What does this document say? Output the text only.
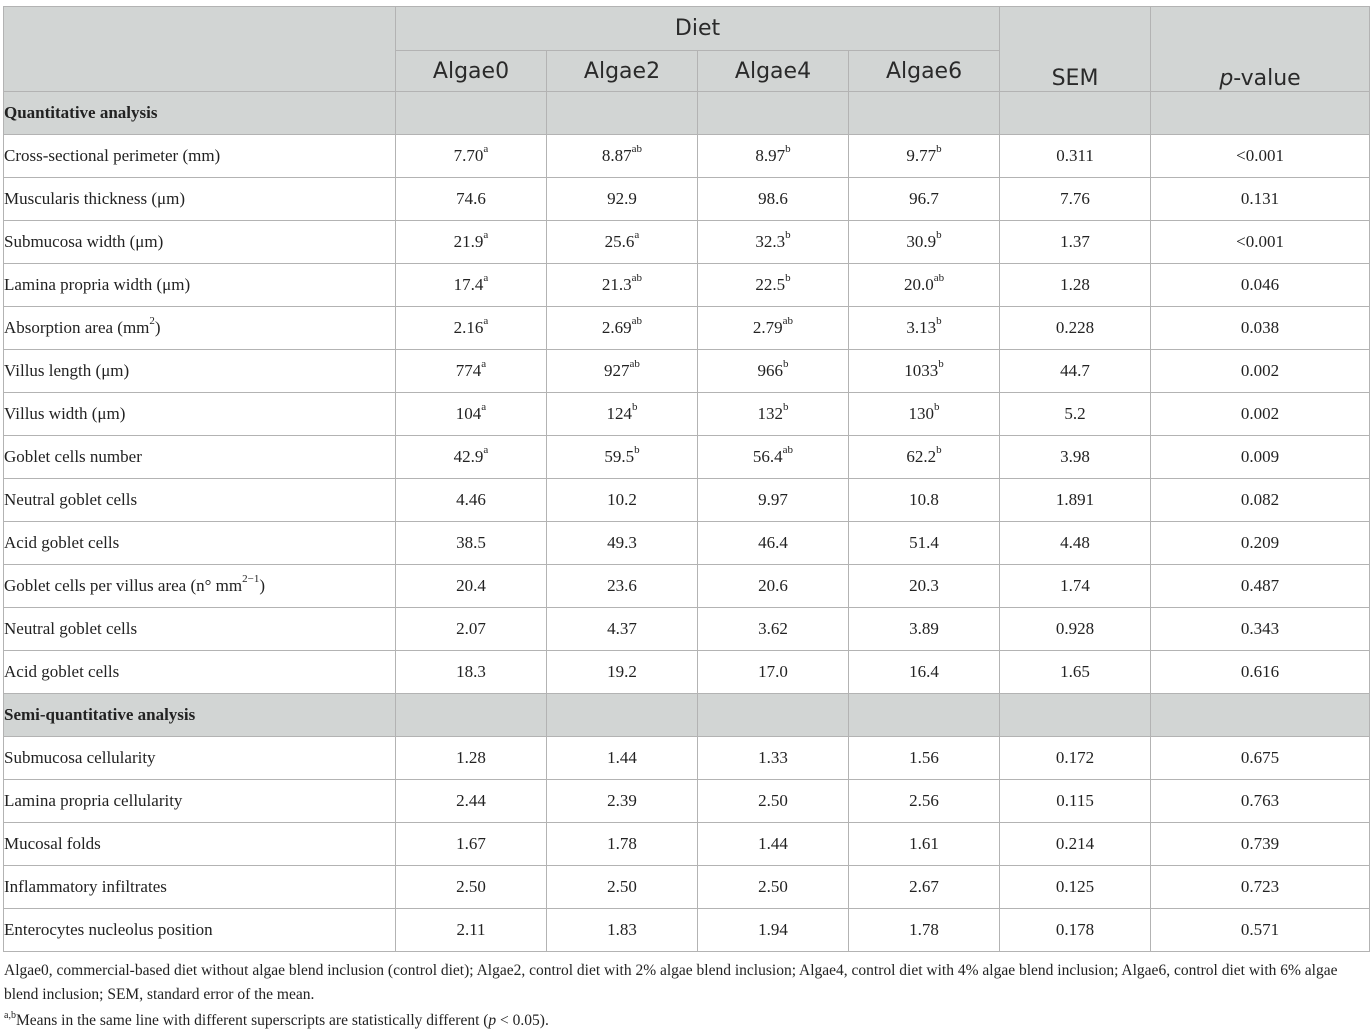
	Diet				SEM	p-value
	Algae0	Algae2	Algae4	Algae6		
Quantitative analysis						
Cross-sectional perimeter (mm)	7.70$^a$	8.87$^{ab}$	8.97$^b$	9.77$^b$	0.311	<0.001
Muscularis thickness (μm)	74.6	92.9	98.6	96.7	7.76	0.131
Submucosa width (μm)	21.9$^a$	25.6$^a$	32.3$^b$	30.9$^b$	1.37	<0.001
Lamina propria width (μm)	17.4$^a$	21.3$^{ab}$	22.5$^b$	20.0$^{ab}$	1.28	0.046
Absorption area $(mm^2)$	2.16$^a$	2.69$^{ab}$	2.79$^{ab}$	3.13$^b$	0.228	0.038
Villus length (μm)	774$^a$	$927^{ab}$	966$^b$	1033$^b$	44.7	0.002
Villus width (μm)	104$^a$	124$^b$	132$^b$	130$^b$	5.2	0.002
Goblet cells number	42.9$^a$	59.5$^b$	56.4$^{ab}$	62.2$^b$	3.98	0.009
Neutral goblet cells	4.46	10.2	9.97	10.8	1.891	0.082
Acid goblet cells	38.5	49.3	46.4	51.4	4.48	0.209
Goblet cells per villus area (n° $mm^{2-1}$)	20.4	23.6	20.6	20.3	1.74	0.487
Neutral goblet cells	2.07	4.37	3.62	3.89	0.928	0.343
Acid goblet cells	18.3	19.2	17.0	16.4	1.65	0.616
Semi-quantitative analysis						
Submucosa cellularity	1.28	1.44	1.33	1.56	0.172	0.675
Lamina propria cellularity	2.44	2.39	2.50	2.56	0.115	0.763
Mucosal folds	1.67	1.78	1.44	1.61	0.214	0.739
Inflammatory infiltrates	2.50	2.50	2.50	2.67	0.125	0.723
Enterocytes nucleolus position	2.11	1.83	1.94	1.78	0.178	0.571
Algae0, commercial-based diet without algae blend inclusion (control diet); Algae2, control diet with 2% algae blend inclusion; Algae4, control diet with 4% algae blend inclusion; Algae6, control diet with 6% algae blend inclusion; SEM, standard error of the mean.
$^{a,b}$Means in the same line with different superscripts are statistically different (p < 0.05).
